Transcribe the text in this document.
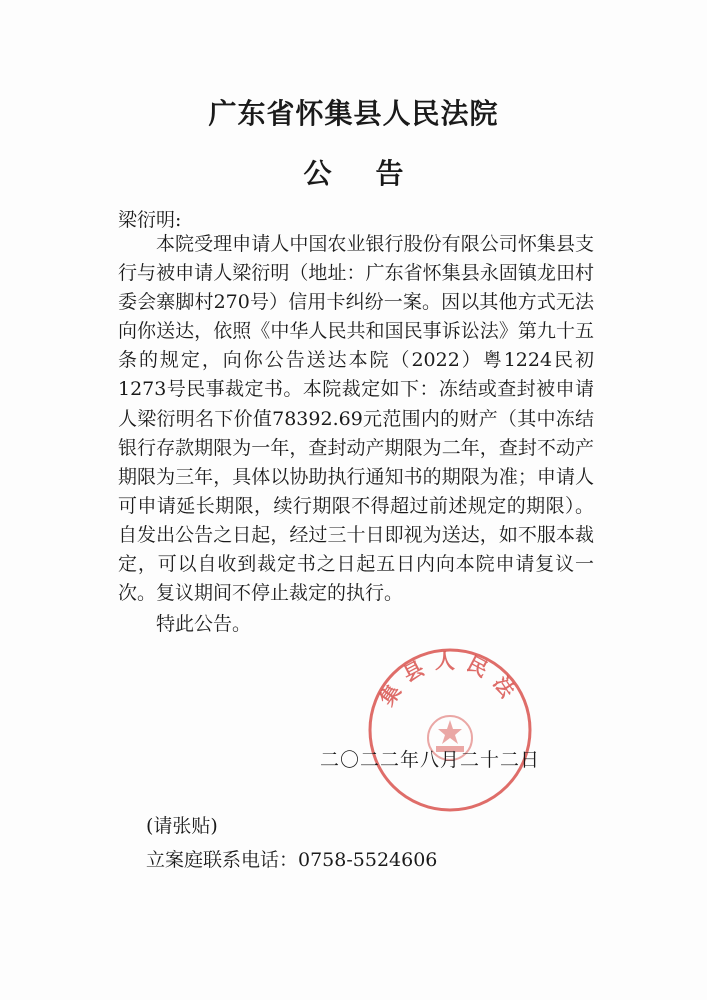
广东省怀集县人民法院
公告
梁衍明:

本院受理申请人中国农业银行股份有限公司怀集县支行与被申请人梁衍明（地址：广东省怀集县永固镇龙田村委会寨脚村270号）信用卡纠纷一案。因以其他方式无法向你送达，依照《中华人民共和国民事诉讼法》第九十五条的规定，向你公告送达本院（2022）粤1224民初1273号民事裁定书。本院裁定如下：冻结或查封被申请人梁衍明名下价值78392.69元范围内的财产（其中冻结银行存款期限为一年，查封动产期限为二年，查封不动产期限为三年，具体以协助执行通知书的期限为准；申请人可申请延长期限，续行期限不得超过前述规定的期限）。自发出公告之日起，经过三十日即视为送达，如不服本裁定，可以自收到裁定书之日起五日内向本院申请复议一次。复议期间不停止裁定的执行。

特此公告。
集县人民法
二〇二二年八月二十二日
(请张贴)
立案庭联系电话：0758-5524606
